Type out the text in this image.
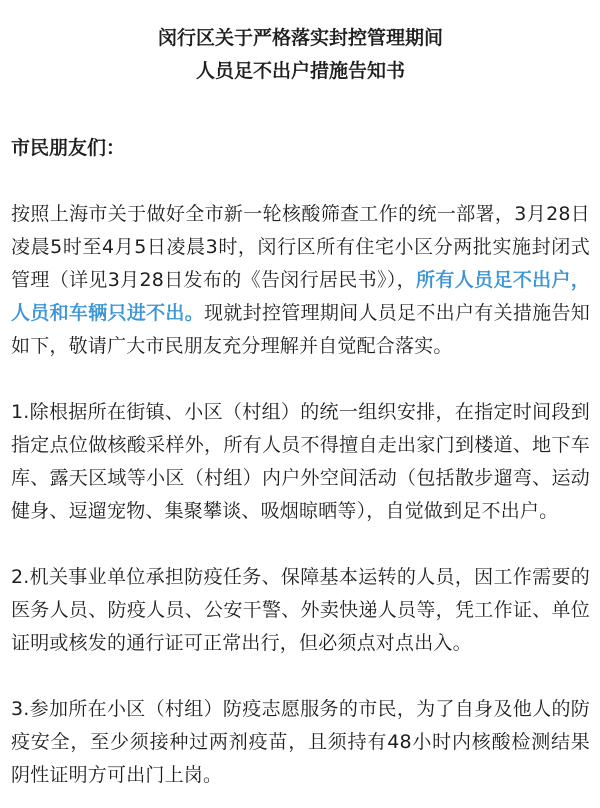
闵行区关于严格落实封控管理期间
人员足不出户措施告知书

市民朋友们：

按照上海市关于做好全市新一轮核酸筛查工作的统一部署，3月28日凌晨5时至4月5日凌晨3时，闵行区所有住宅小区分两批实施封闭式管理（详见3月28日发布的《告闵行居民书》），所有人员足不出户，人员和车辆只进不出。现就封控管理期间人员足不出户有关措施告知如下，敬请广大市民朋友充分理解并自觉配合落实。

1.除根据所在街镇、小区（村组）的统一组织安排，在指定时间段到指定点位做核酸采样外，所有人员不得擅自走出家门到楼道、地下车库、露天区域等小区（村组）内户外空间活动（包括散步遛弯、运动健身、逗遛宠物、集聚攀谈、吸烟晾晒等），自觉做到足不出户。

2.机关事业单位承担防疫任务、保障基本运转的人员，因工作需要的医务人员、防疫人员、公安干警、外卖快递人员等，凭工作证、单位证明或核发的通行证可正常出行，但必须点对点出入。

3.参加所在小区（村组）防疫志愿服务的市民，为了自身及他人的防疫安全，至少须接种过两剂疫苗，且须持有48小时内核酸检测结果阴性证明方可出门上岗。
